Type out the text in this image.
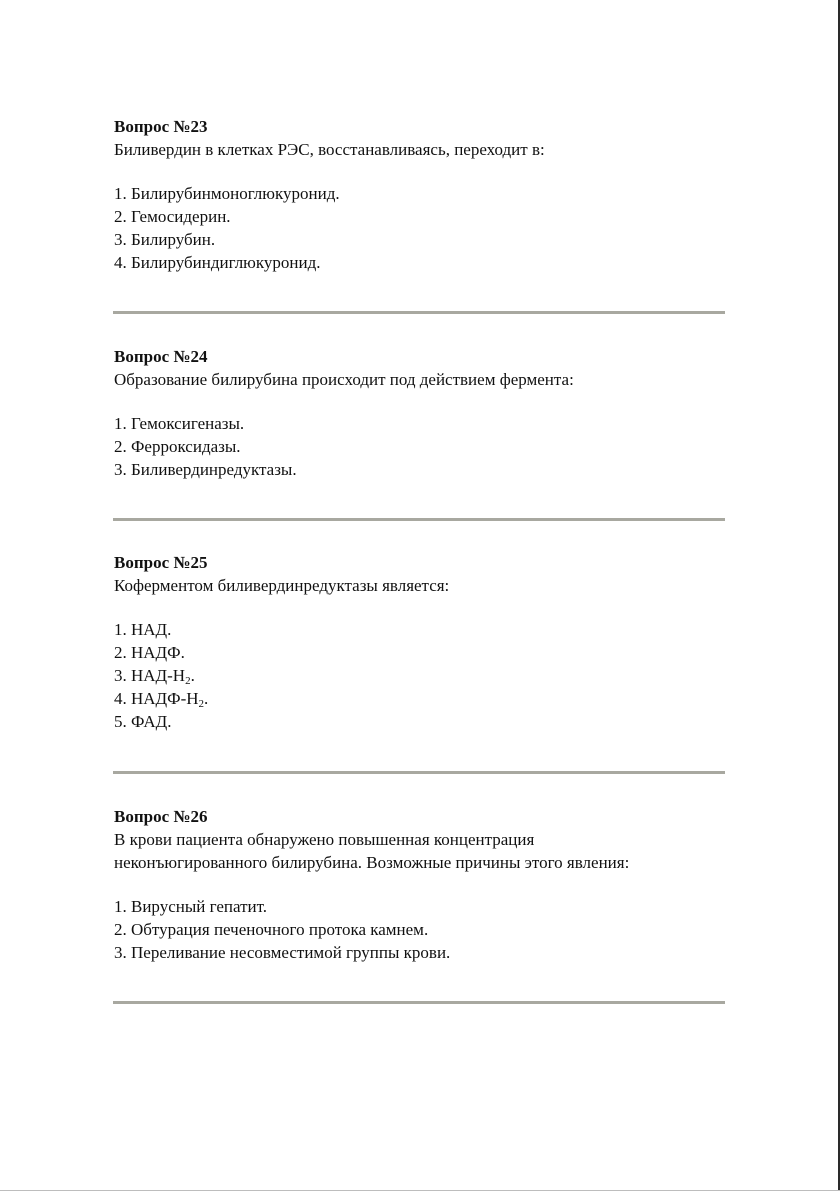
Вопрос №23

Биливердин в клетках РЭС, восстанавливаясь, переходит в:

1. Билирубинмоноглюкуронид.
2. Гемосидерин.
3. Билирубин.
4. Билирубиндиглюкуронид.
Вопрос №24

Образование билирубина происходит под действием фермента:

1. Гемоксигеназы.
2. Ферроксидазы.
3. Биливердинредуктазы.
Вопрос №25

Коферментом биливердинредуктазы является:

1. НАД.
2. НАДФ.
3. НАД-$Н_2$.
4. НАДФ-$Н_2$.
5. ФАД.
Вопрос №26

В крови пациента обнаружено повышенная концентрация

неконъюгированного билирубина. Возможные причины этого явления:

1. Вирусный гепатит.
2. Обтурация печеночного протока камнем.
3. Переливание несовместимой группы крови.
